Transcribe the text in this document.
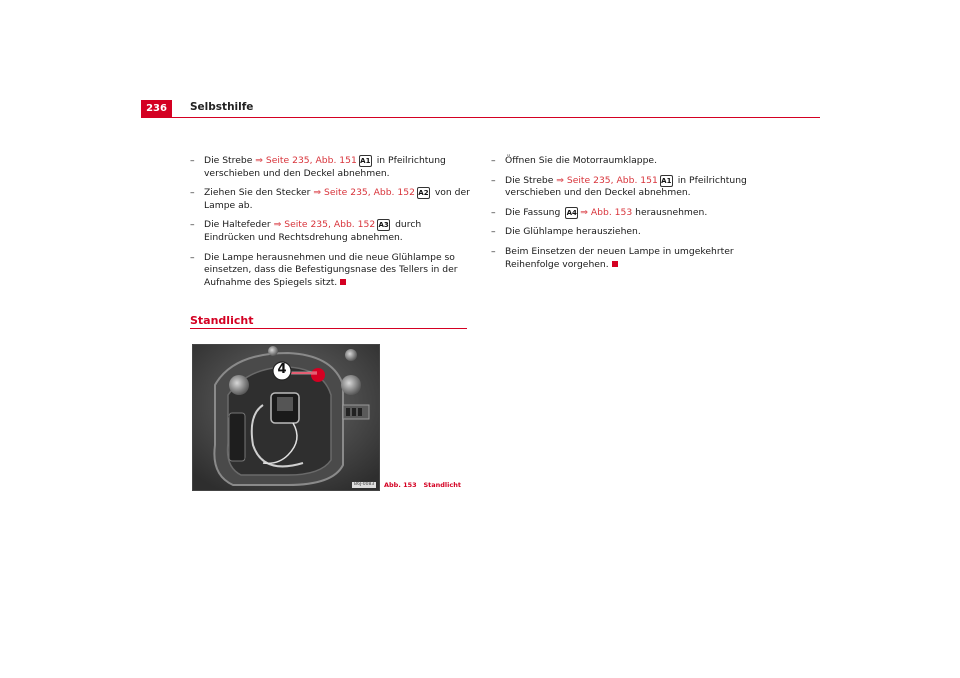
236	Selbsthilfe
– Die Strebe ⇒ Seite 235, Abb. 151 A1 in Pfeilrichtung verschieben und den Deckel abnehmen.
– Ziehen Sie den Stecker ⇒ Seite 235, Abb. 152 A2 von der Lampe ab.
– Die Haltefeder ⇒ Seite 235, Abb. 152 A3 durch Eindrücken und Rechtsdrehung abnehmen.
– Die Lampe herausnehmen und die neue Glühlampe so einsetzen, dass die Befestigungsnase des Tellers in der Aufnahme des Spiegels sitzt.
Standlicht
4
B6J-0083	Abb. 153 Standlicht
– Öffnen Sie die Motorraumklappe.
– Die Strebe ⇒ Seite 235, Abb. 151 A1 in Pfeilrichtung verschieben und den Deckel abnehmen.
– Die Fassung A4 ⇒ Abb. 153 herausnehmen.
– Die Glühlampe herausziehen.
– Beim Einsetzen der neuen Lampe in umgekehrter Reihenfolge vorgehen.
